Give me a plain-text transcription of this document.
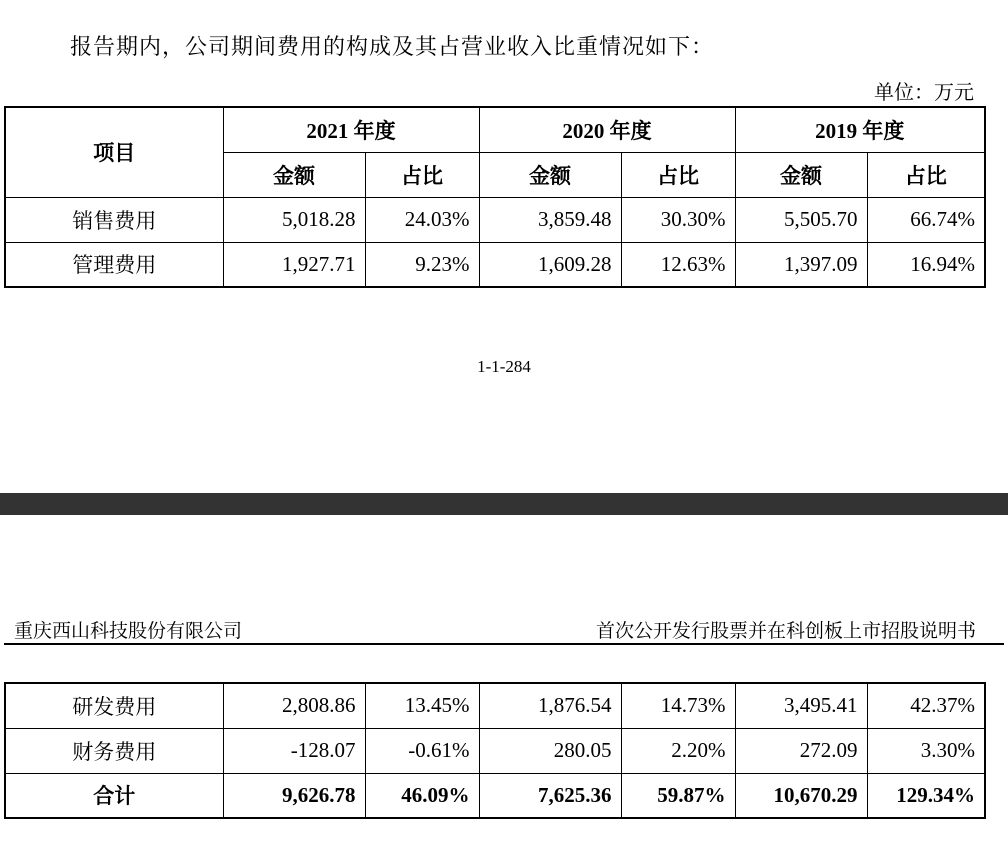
报告期内，公司期间费用的构成及其占营业收入比重情况如下：
单位：万元
项目	2021 年度		2020 年度		2019 年度	
	金额	占比	金额	占比	金额	占比
销售费用	5,018.28	24.03%	3,859.48	30.30%	5,505.70	66.74%
管理费用	1,927.71	9.23%	1,609.28	12.63%	1,397.09	16.94%
1-1-284
重庆西山科技股份有限公司	首次公开发行股票并在科创板上市招股说明书
研发费用	2,808.86	13.45%	1,876.54	14.73%	3,495.41	42.37%
财务费用	-128.07	-0.61%	280.05	2.20%	272.09	3.30%
合计	9,626.78	46.09%	7,625.36	59.87%	10,670.29	129.34%
